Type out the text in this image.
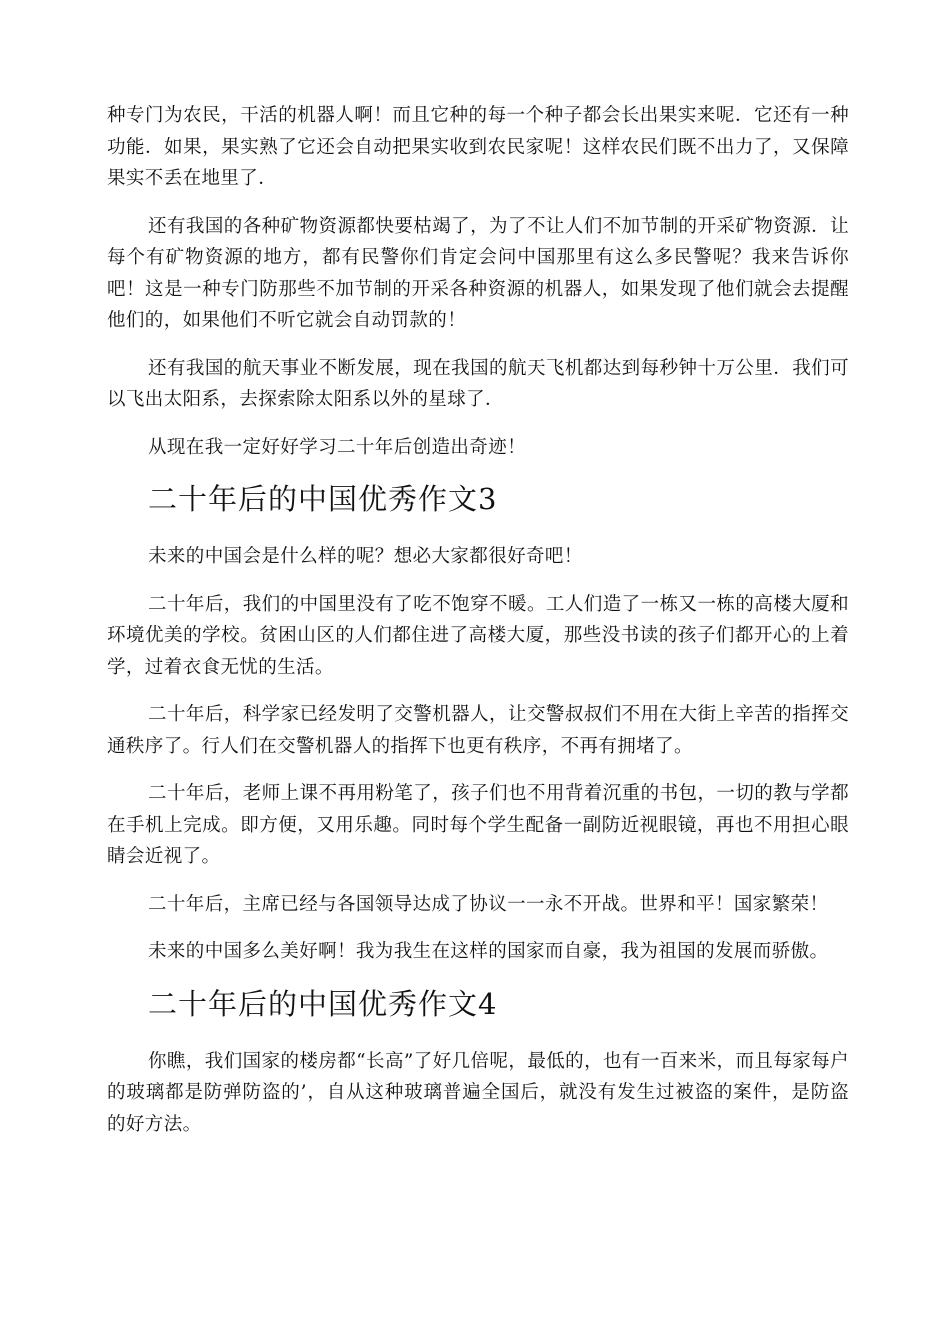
种专门为农民，干活的机器人啊！而且它种的每一个种子都会长出果实来呢．它还有一种功能．如果，果实熟了它还会自动把果实收到农民家呢！这样农民们既不出力了，又保障果实不丢在地里了．

还有我国的各种矿物资源都快要枯竭了，为了不让人们不加节制的开采矿物资源．让每个有矿物资源的地方，都有民警你们肯定会问中国那里有这么多民警呢？我来告诉你吧！这是一种专门防那些不加节制的开采各种资源的机器人，如果发现了他们就会去提醒他们的，如果他们不听它就会自动罚款的！

还有我国的航天事业不断发展，现在我国的航天飞机都达到每秒钟十万公里．我们可以飞出太阳系，去探索除太阳系以外的星球了．

从现在我一定好好学习二十年后创造出奇迹！

二十年后的中国优秀作文3

未来的中国会是什么样的呢？想必大家都很好奇吧！

二十年后，我们的中国里没有了吃不饱穿不暖。工人们造了一栋又一栋的高楼大厦和环境优美的学校。贫困山区的人们都住进了高楼大厦，那些没书读的孩子们都开心的上着学，过着衣食无忧的生活。

二十年后，科学家已经发明了交警机器人，让交警叔叔们不用在大街上辛苦的指挥交通秩序了。行人们在交警机器人的指挥下也更有秩序，不再有拥堵了。

二十年后，老师上课不再用粉笔了，孩子们也不用背着沉重的书包，一切的教与学都在手机上完成。即方便，又用乐趣。同时每个学生配备一副防近视眼镜，再也不用担心眼睛会近视了。

二十年后，主席已经与各国领导达成了协议一一永不开战。世界和平！国家繁荣！

未来的中国多么美好啊！我为我生在这样的国家而自豪，我为祖国的发展而骄傲。

二十年后的中国优秀作文4

你瞧，我们国家的楼房都“长高”了好几倍呢，最低的，也有一百来米，而且每家每户的玻璃都是防弹防盗的’，自从这种玻璃普遍全国后，就没有发生过被盗的案件，是防盗的好方法。
